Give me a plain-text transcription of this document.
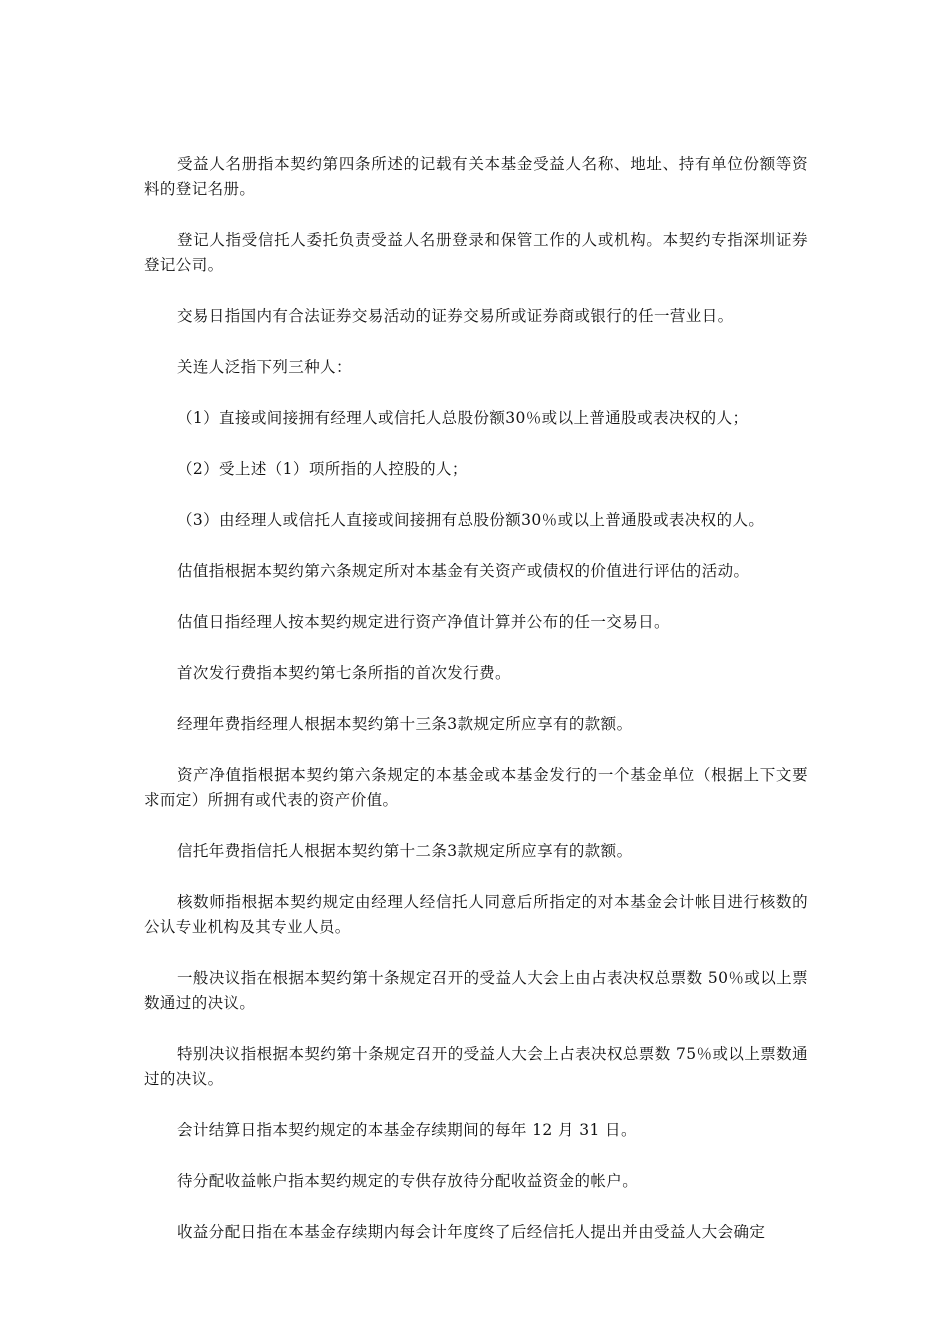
受益人名册指本契约第四条所述的记载有关本基金受益人名称、地址、持有单位份额等资料的登记名册。

登记人指受信托人委托负责受益人名册登录和保管工作的人或机构。本契约专指深圳证券登记公司。

交易日指国内有合法证券交易活动的证券交易所或证券商或银行的任一营业日。

关连人泛指下列三种人：

（1）直接或间接拥有经理人或信托人总股份额30％或以上普通股或表决权的人；

（2）受上述（1）项所指的人控股的人；

（3）由经理人或信托人直接或间接拥有总股份额30％或以上普通股或表决权的人。

估值指根据本契约第六条规定所对本基金有关资产或债权的价值进行评估的活动。

估值日指经理人按本契约规定进行资产净值计算并公布的任一交易日。

首次发行费指本契约第七条所指的首次发行费。

经理年费指经理人根据本契约第十三条3款规定所应享有的款额。

资产净值指根据本契约第六条规定的本基金或本基金发行的一个基金单位（根据上下文要求而定）所拥有或代表的资产价值。

信托年费指信托人根据本契约第十二条3款规定所应享有的款额。

核数师指根据本契约规定由经理人经信托人同意后所指定的对本基金会计帐目进行核数的公认专业机构及其专业人员。

一般决议指在根据本契约第十条规定召开的受益人大会上由占表决权总票数 50％或以上票数通过的决议。

特别决议指根据本契约第十条规定召开的受益人大会上占表决权总票数 75％或以上票数通过的决议。

会计结算日指本契约规定的本基金存续期间的每年 12 月 31 日。

待分配收益帐户指本契约规定的专供存放待分配收益资金的帐户。

收益分配日指在本基金存续期内每会计年度终了后经信托人提出并由受益人大会确定
